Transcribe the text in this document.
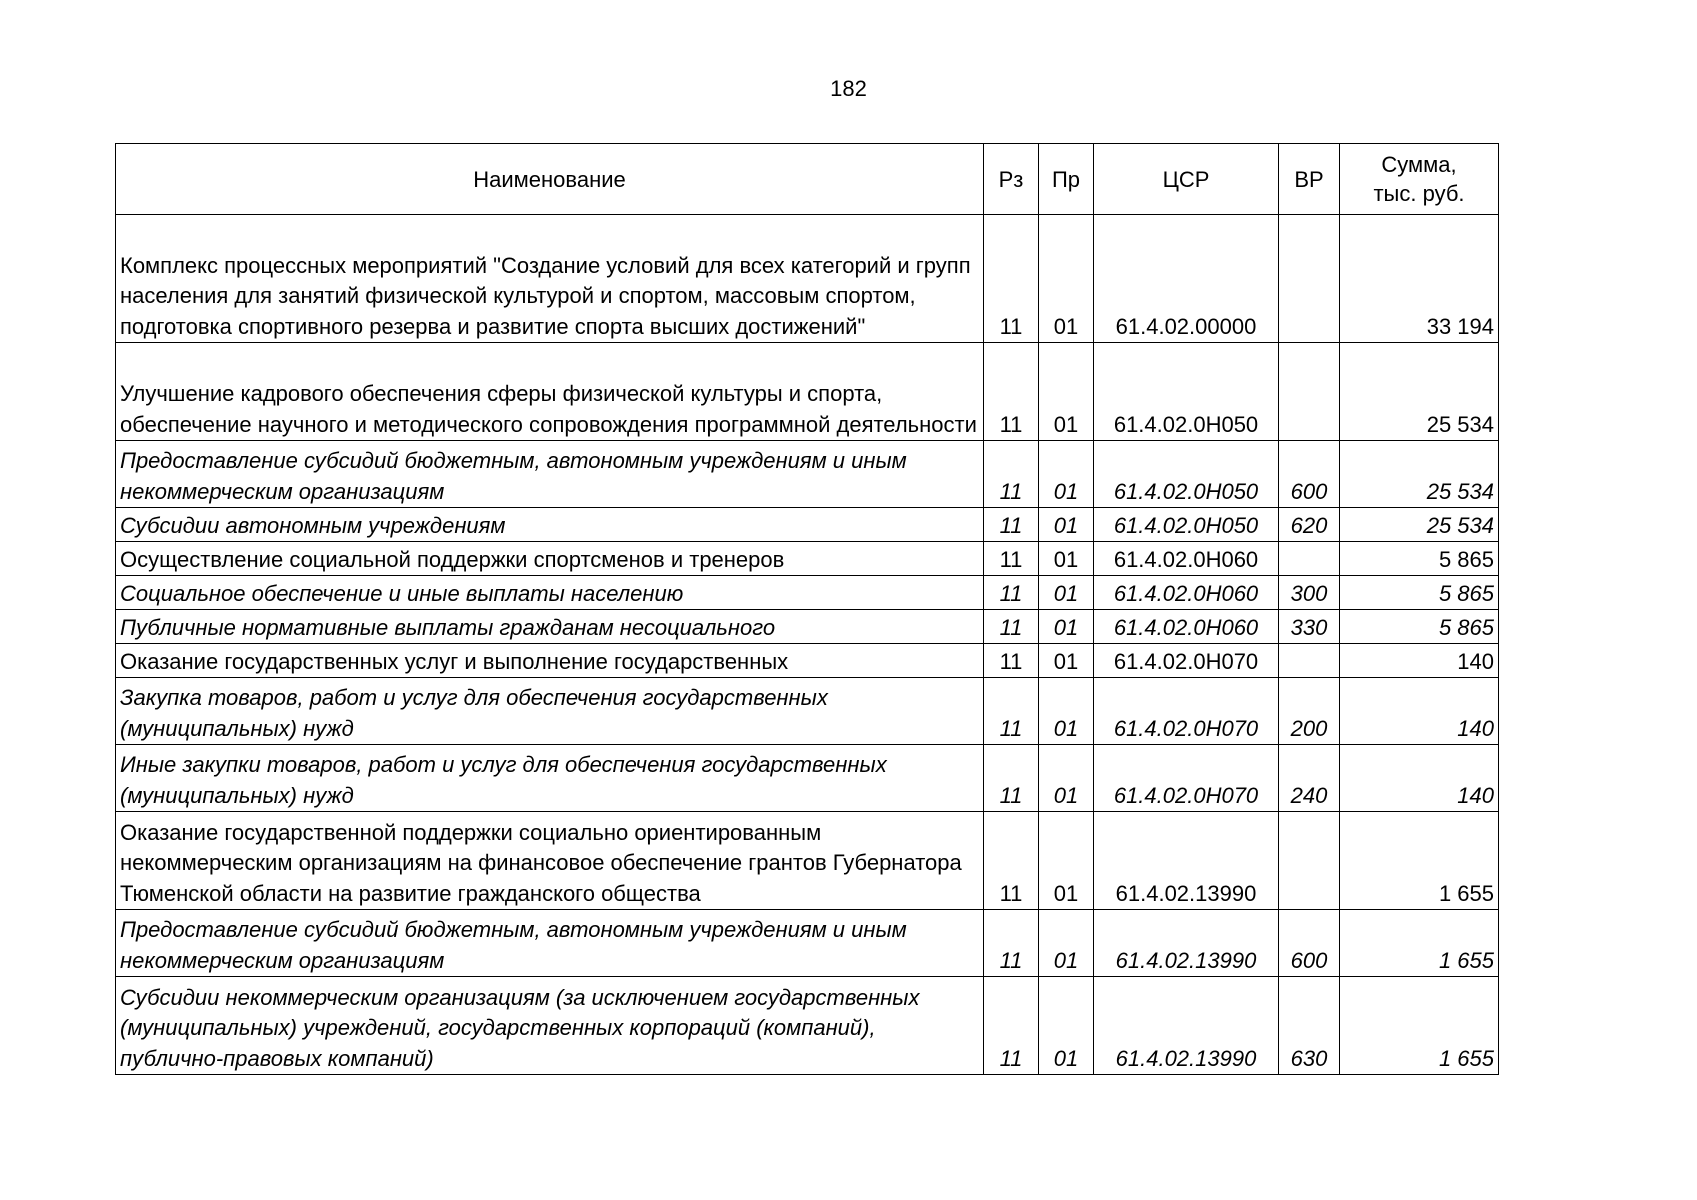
182
Наименование	Рз	Пр	ЦСР	ВР	Сумма,
тыс. руб.
Комплекс процессных мероприятий "Создание условий для всех категорий и групп населения для занятий физической культурой и спортом, массовым спортом, подготовка спортивного резерва и развитие спорта высших достижений"	11	01	61.4.02.00000		33 194
Улучшение кадрового обеспечения сферы физической культуры и спорта, обеспечение научного и методического сопровождения программной деятельности	11	01	61.4.02.0Н050		25 534
Предоставление субсидий бюджетным, автономным учреждениям и иным некоммерческим организациям	11	01	61.4.02.0Н050	600	25 534
Субсидии автономным учреждениям	11	01	61.4.02.0Н050	620	25 534
Осуществление социальной поддержки спортсменов и тренеров	11	01	61.4.02.0Н060		5 865
Социальное обеспечение и иные выплаты населению	11	01	61.4.02.0Н060	300	5 865
Публичные нормативные выплаты гражданам несоциального	11	01	61.4.02.0Н060	330	5 865
Оказание государственных услуг и выполнение государственных	11	01	61.4.02.0Н070		140
Закупка товаров, работ и услуг для обеспечения государственных (муниципальных) нужд	11	01	61.4.02.0Н070	200	140
Иные закупки товаров, работ и услуг для обеспечения государственных (муниципальных) нужд	11	01	61.4.02.0Н070	240	140
Оказание государственной поддержки социально ориентированным некоммерческим организациям на финансовое обеспечение грантов Губернатора Тюменской области на развитие гражданского общества	11	01	61.4.02.13990		1 655
Предоставление субсидий бюджетным, автономным учреждениям и иным некоммерческим организациям	11	01	61.4.02.13990	600	1 655
Субсидии некоммерческим организациям (за исключением государственных (муниципальных) учреждений, государственных корпораций (компаний), публично-правовых компаний)	11	01	61.4.02.13990	630	1 655
